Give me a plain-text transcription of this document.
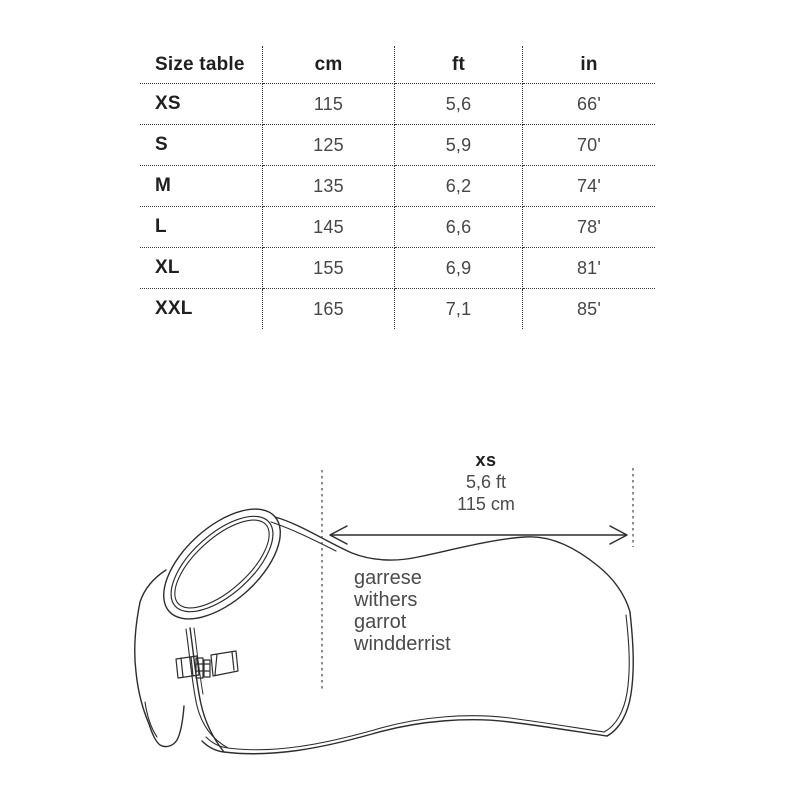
Size table	cm	ft	in
XS	115	5,6	66'
S	125	5,9	70'
M	135	6,2	74'
L	145	6,6	78'
XL	155	6,9	81'
XXL	165	7,1	85'
xs
5,6 ft
115 cm
garrese
withers
garrot
windderrist
